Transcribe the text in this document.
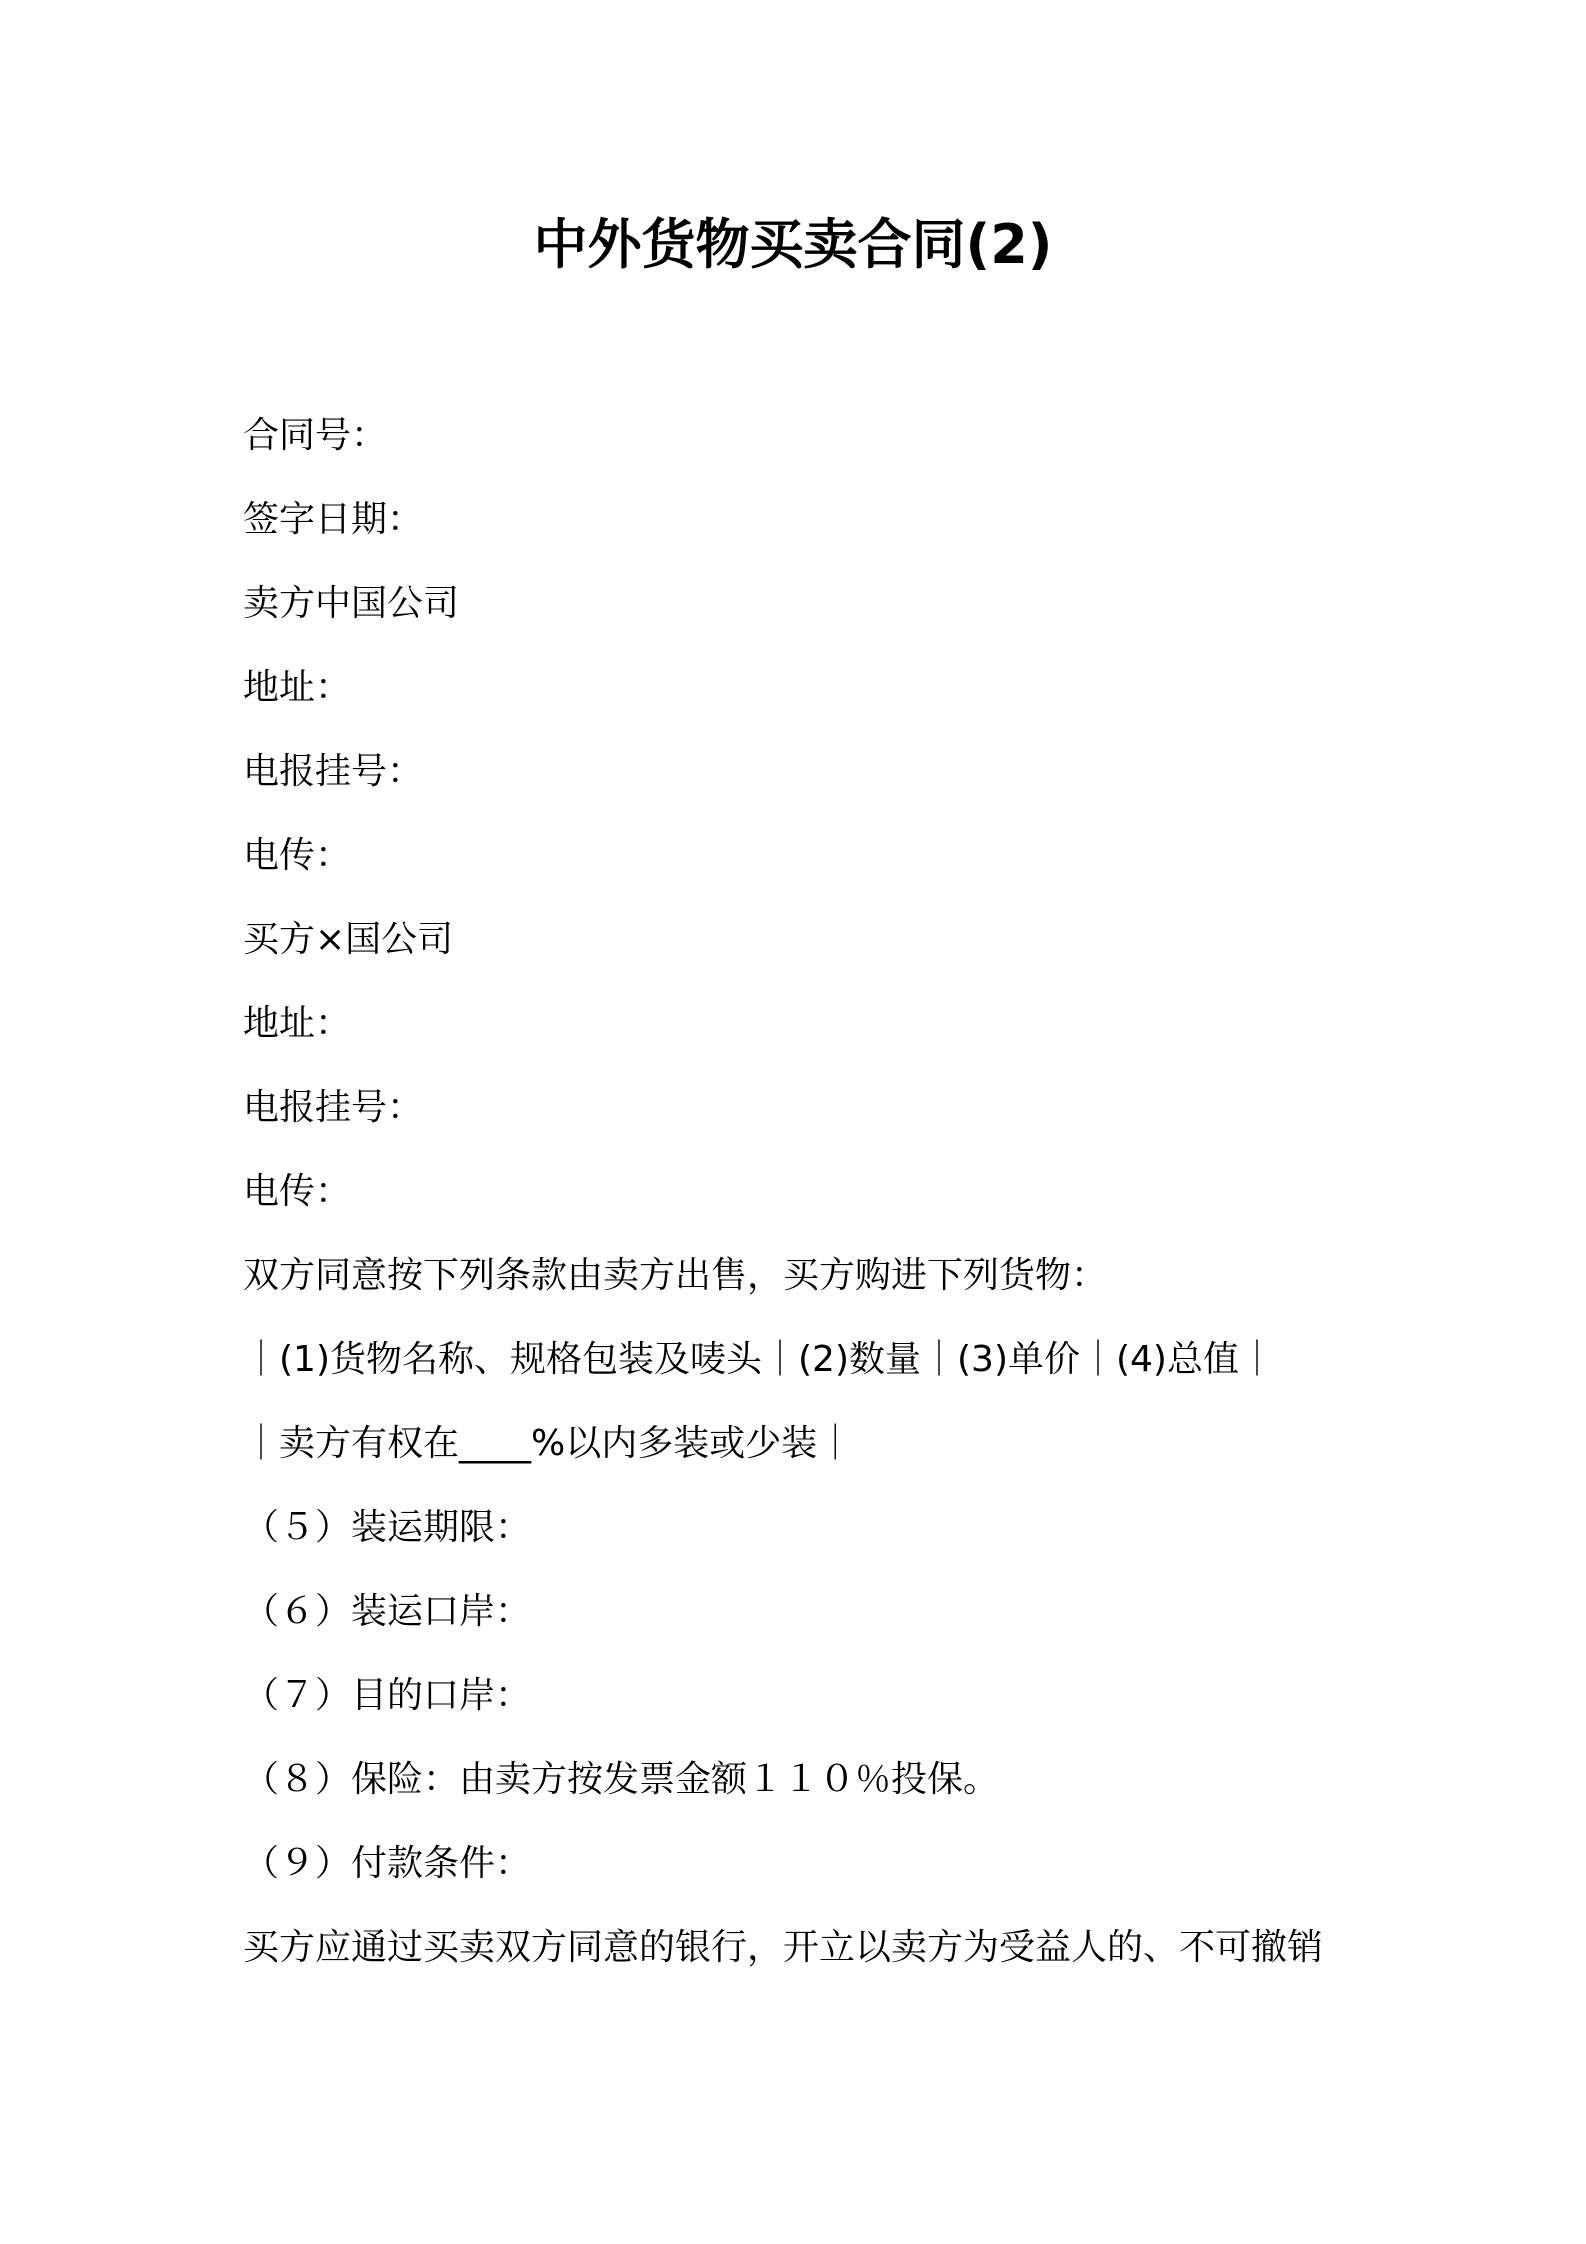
中外货物买卖合同(2)

合同号：

签字日期：

卖方中国公司

地址：

电报挂号：

电传：

买方×国公司

地址：

电报挂号：

电传：

双方同意按下列条款由卖方出售，买方购进下列货物：

｜(1)货物名称、规格包装及唛头｜(2)数量｜(3)单价｜(4)总值｜

｜卖方有权在____%以内多装或少装｜

（５）装运期限：

（６）装运口岸：

（７）目的口岸：

（８）保险：由卖方按发票金额１１０％投保。

（９）付款条件：

买方应通过买卖双方同意的银行，开立以卖方为受益人的、不可撤销
